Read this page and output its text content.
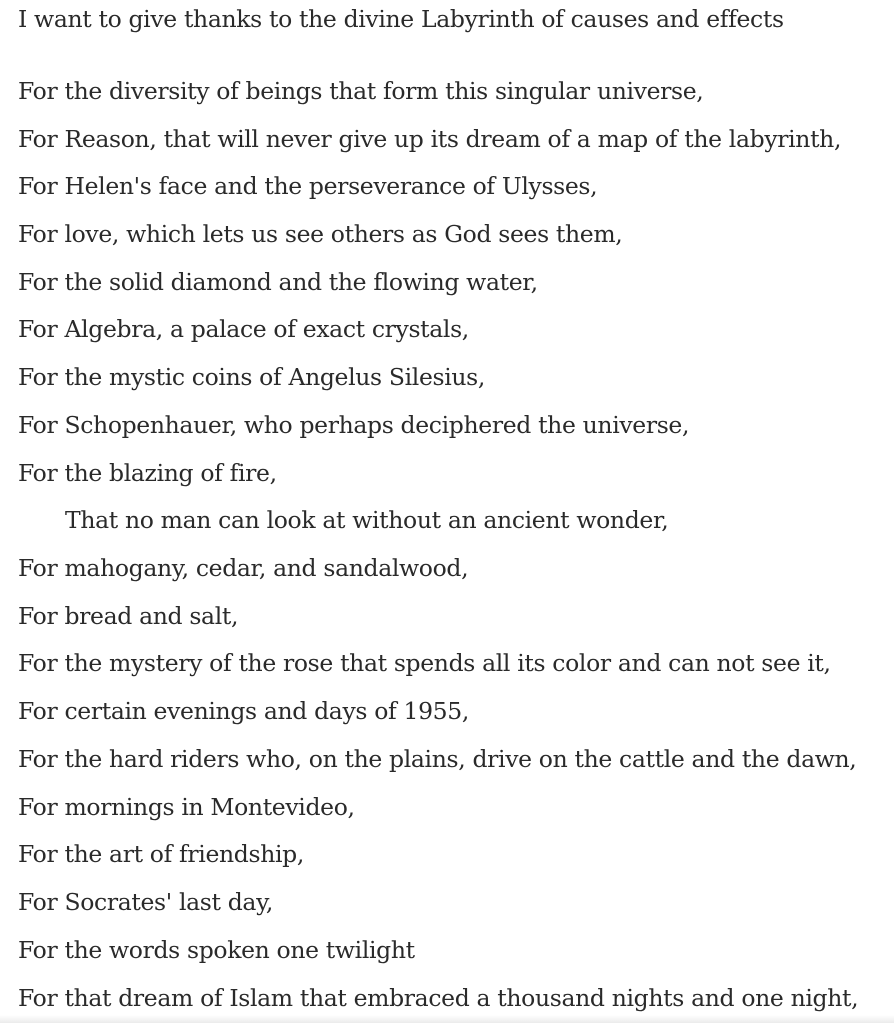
I want to give thanks to the divine Labyrinth of causes and effects
For the diversity of beings that form this singular universe,
For Reason, that will never give up its dream of a map of the labyrinth,
For Helen's face and the perseverance of Ulysses,
For love, which lets us see others as God sees them,
For the solid diamond and the flowing water,
For Algebra, a palace of exact crystals,
For the mystic coins of Angelus Silesius,
For Schopenhauer, who perhaps deciphered the universe,
For the blazing of fire,
That no man can look at without an ancient wonder,
For mahogany, cedar, and sandalwood,
For bread and salt,
For the mystery of the rose that spends all its color and can not see it,
For certain evenings and days of 1955,
For the hard riders who, on the plains, drive on the cattle and the dawn,
For mornings in Montevideo,
For the art of friendship,
For Socrates' last day,
For the words spoken one twilight
For that dream of Islam that embraced a thousand nights and one night,
